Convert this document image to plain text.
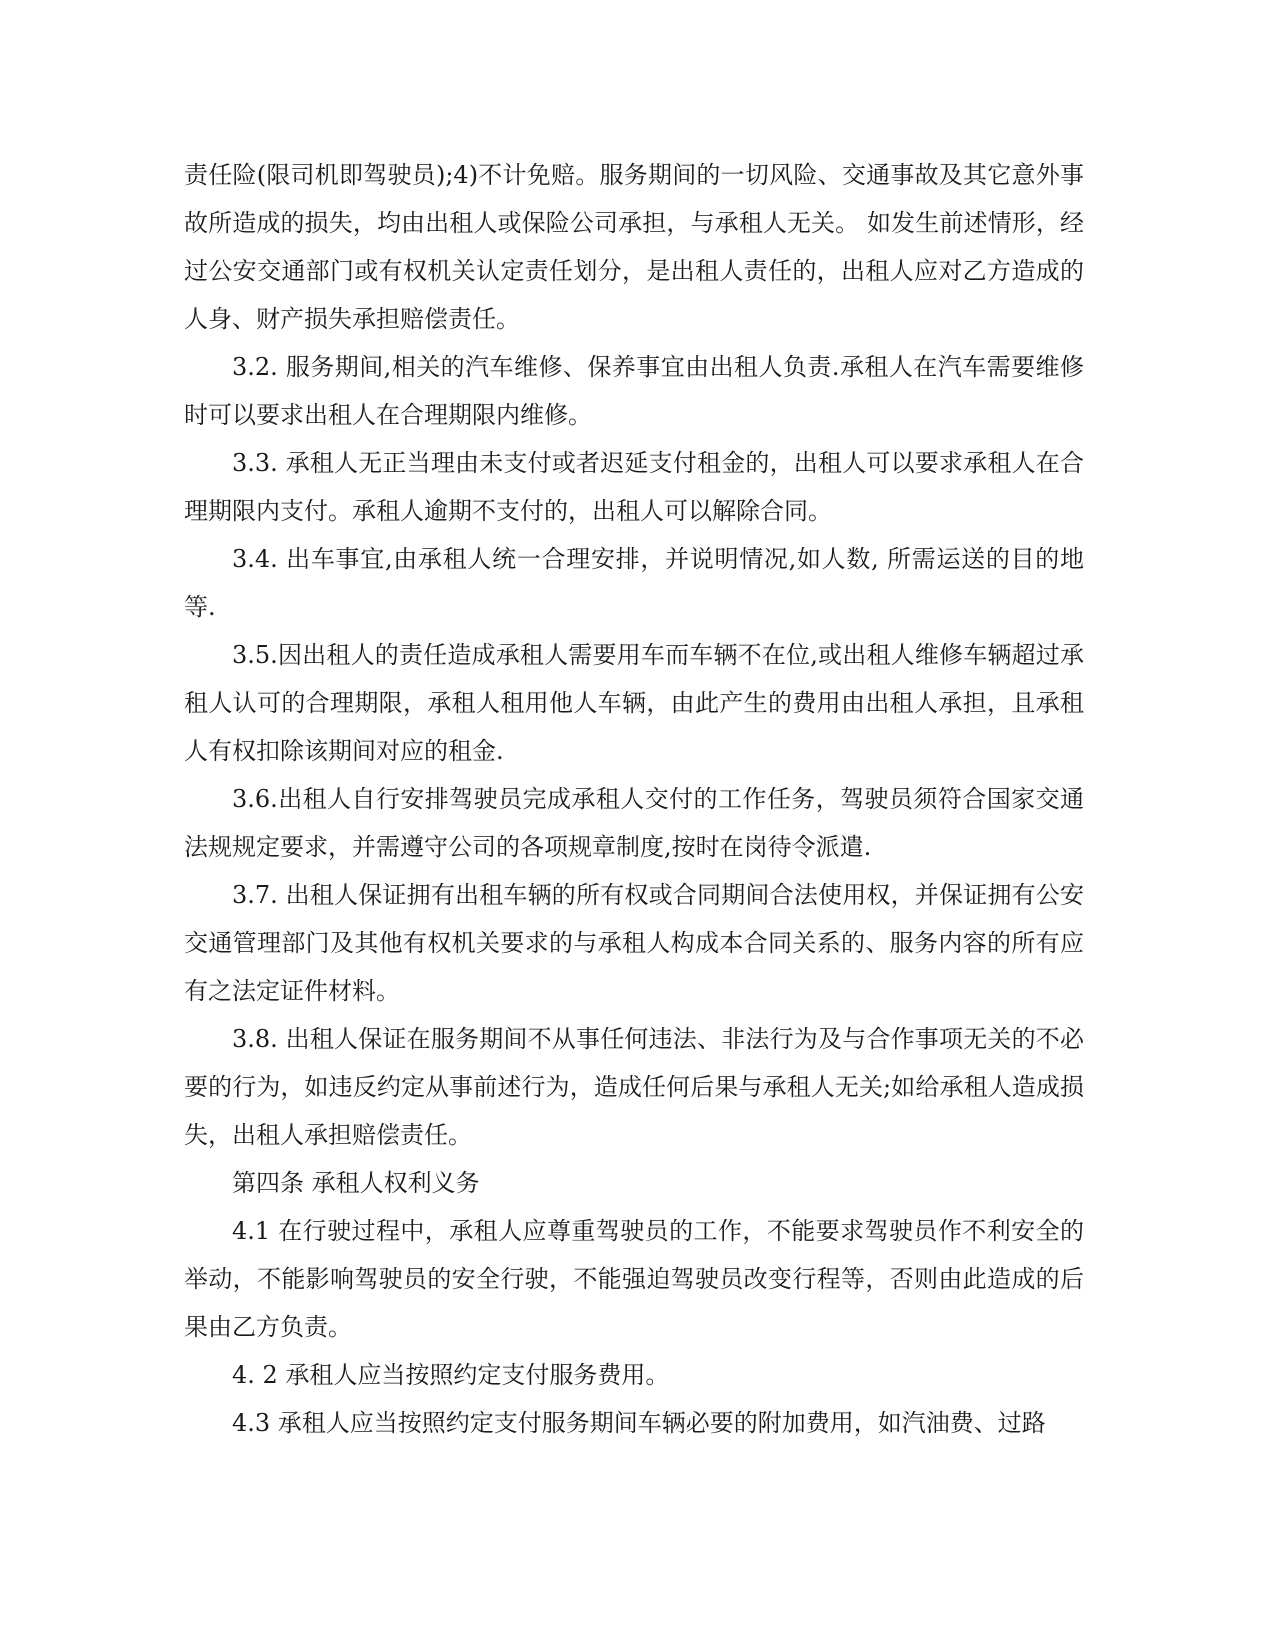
责任险(限司机即驾驶员);4)不计免赔。服务期间的一切风险、交通事故及其它意外事故所造成的损失，均由出租人或保险公司承担，与承租人无关。 如发生前述情形，经过公安交通部门或有权机关认定责任划分，是出租人责任的，出租人应对乙方造成的人身、财产损失承担赔偿责任。

3.2. 服务期间,相关的汽车维修、保养事宜由出租人负责.承租人在汽车需要维修时可以要求出租人在合理期限内维修。

3.3. 承租人无正当理由未支付或者迟延支付租金的，出租人可以要求承租人在合理期限内支付。承租人逾期不支付的，出租人可以解除合同。

3.4. 出车事宜,由承租人统一合理安排，并说明情况,如人数, 所需运送的目的地等.

3.5.因出租人的责任造成承租人需要用车而车辆不在位,或出租人维修车辆超过承租人认可的合理期限，承租人租用他人车辆，由此产生的费用由出租人承担，且承租人有权扣除该期间对应的租金.

3.6.出租人自行安排驾驶员完成承租人交付的工作任务，驾驶员须符合国家交通法规规定要求，并需遵守公司的各项规章制度,按时在岗待令派遣.

3.7. 出租人保证拥有出租车辆的所有权或合同期间合法使用权，并保证拥有公安交通管理部门及其他有权机关要求的与承租人构成本合同关系的、服务内容的所有应有之法定证件材料。

3.8. 出租人保证在服务期间不从事任何违法、非法行为及与合作事项无关的不必要的行为，如违反约定从事前述行为，造成任何后果与承租人无关;如给承租人造成损失，出租人承担赔偿责任。

第四条 承租人权利义务

4.1 在行驶过程中，承租人应尊重驾驶员的工作，不能要求驾驶员作不利安全的举动，不能影响驾驶员的安全行驶，不能强迫驾驶员改变行程等，否则由此造成的后果由乙方负责。

4. 2 承租人应当按照约定支付服务费用。

4.3 承租人应当按照约定支付服务期间车辆必要的附加费用，如汽油费、过路
